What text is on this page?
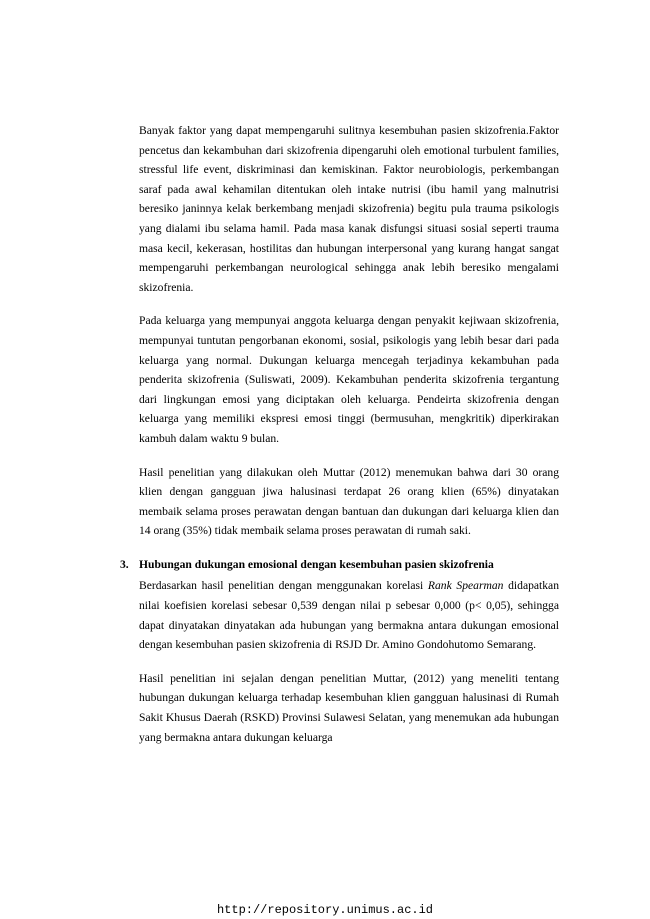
Banyak faktor yang dapat mempengaruhi sulitnya kesembuhan pasien skizofrenia.Faktor pencetus dan kekambuhan dari skizofrenia dipengaruhi oleh emotional turbulent families, stressful life event, diskriminasi dan kemiskinan. Faktor neurobiologis, perkembangan saraf pada awal kehamilan ditentukan oleh intake nutrisi (ibu hamil yang malnutrisi beresiko janinnya kelak berkembang menjadi skizofrenia) begitu pula trauma psikologis yang dialami ibu selama hamil. Pada masa kanak disfungsi situasi sosial seperti trauma masa kecil, kekerasan, hostilitas dan hubungan interpersonal yang kurang hangat sangat mempengaruhi perkembangan neurological sehingga anak lebih beresiko mengalami skizofrenia.

Pada keluarga yang mempunyai anggota keluarga dengan penyakit kejiwaan skizofrenia, mempunyai tuntutan pengorbanan ekonomi, sosial, psikologis yang lebih besar dari pada keluarga yang normal. Dukungan keluarga mencegah terjadinya kekambuhan pada penderita skizofrenia (Suliswati, 2009). Kekambuhan penderita skizofrenia tergantung dari lingkungan emosi yang diciptakan oleh keluarga. Pendeirta skizofrenia dengan keluarga yang memiliki ekspresi emosi tinggi (bermusuhan, mengkritik) diperkirakan kambuh dalam waktu 9 bulan.

Hasil penelitian yang dilakukan oleh Muttar (2012) menemukan bahwa dari 30 orang klien dengan gangguan jiwa halusinasi terdapat 26 orang klien (65%) dinyatakan membaik selama proses perawatan dengan bantuan dan dukungan dari keluarga klien dan 14 orang (35%) tidak membaik selama proses perawatan di rumah saki.

3. Hubungan dukungan emosional dengan kesembuhan pasien skizofrenia

Berdasarkan hasil penelitian dengan menggunakan korelasi Rank Spearman didapatkan nilai koefisien korelasi sebesar 0,539 dengan nilai p sebesar 0,000 (p< 0,05), sehingga dapat dinyatakan dinyatakan ada hubungan yang bermakna antara dukungan emosional dengan kesembuhan pasien skizofrenia di RSJD Dr. Amino Gondohutomo Semarang.

Hasil penelitian ini sejalan dengan penelitian Muttar, (2012) yang meneliti tentang hubungan dukungan keluarga terhadap kesembuhan klien gangguan halusinasi di Rumah Sakit Khusus Daerah (RSKD) Provinsi Sulawesi Selatan, yang menemukan ada hubungan yang bermakna antara dukungan keluarga

http://repository.unimus.ac.id
